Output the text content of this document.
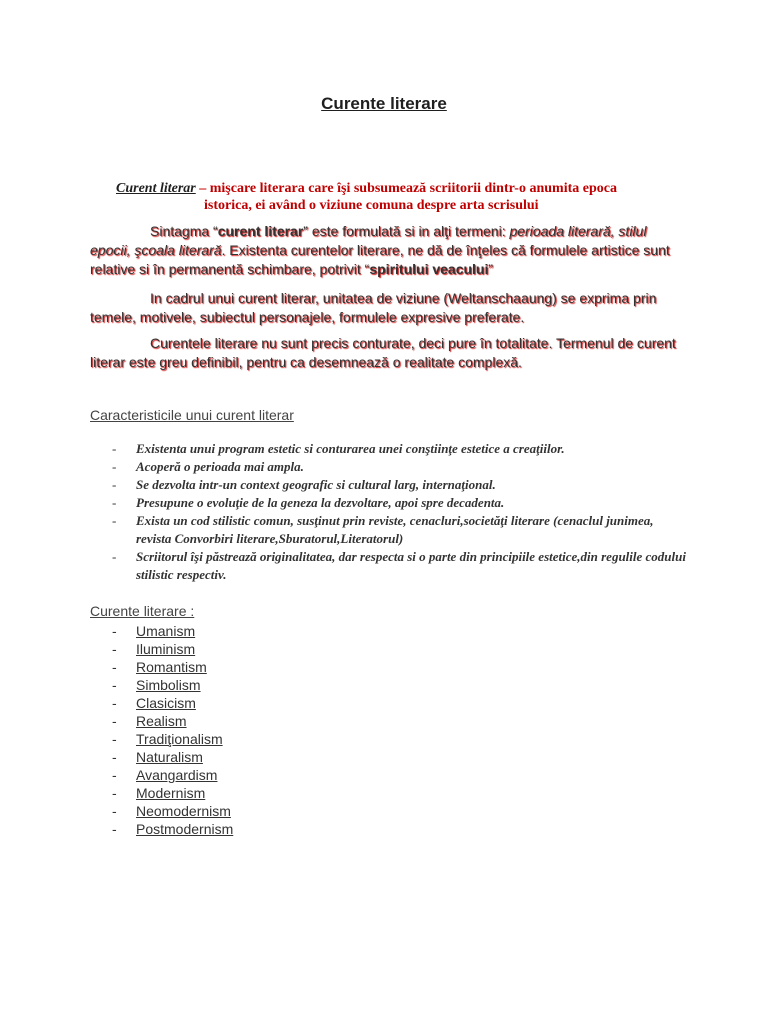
Curente literare
Curent literar – mişcare literara care îşi subsumează scriitorii dintr-o anumita epoca
istorica, ei având o viziune comuna despre arta scrisului
Sintagma “curent literar” este formulată si in alţi termeni: perioada literară, stilul epocii, şcoala literară. Existenta curentelor literare, ne dă de înţeles că formulele artistice sunt relative si în permanentă schimbare, potrivit “spiritului veacului”
In cadrul unui curent literar, unitatea de viziune (Weltanschaaung) se exprima prin temele, motivele, subiectul personajele, formulele expresive preferate.
Curentele literare nu sunt precis conturate, deci pure în totalitate. Termenul de curent literar este greu definibil, pentru ca desemnează o realitate complexă.
Caracteristicile unui curent literar
- Existenta unui program estetic si conturarea unei conştiinţe estetice a creaţiilor.
- Acoperă o perioada mai ampla.
- Se dezvolta intr-un context geografic si cultural larg, internaţional.
- Presupune o evoluţie de la geneza la dezvoltare, apoi spre decadenta.
- Exista un cod stilistic comun, susţinut prin reviste, cenacluri,societăţi literare (cenaclul junimea, revista Convorbiri literare,Sburatorul,Literatorul)
- Scriitorul îşi păstrează originalitatea, dar respecta si o parte din principiile estetice,din regulile codului stilistic respectiv.
Curente literare :
- Umanism
- Iluminism
- Romantism
- Simbolism
- Clasicism
- Realism
- Tradiţionalism
- Naturalism
- Avangardism
- Modernism
- Neomodernism
- Postmodernism
